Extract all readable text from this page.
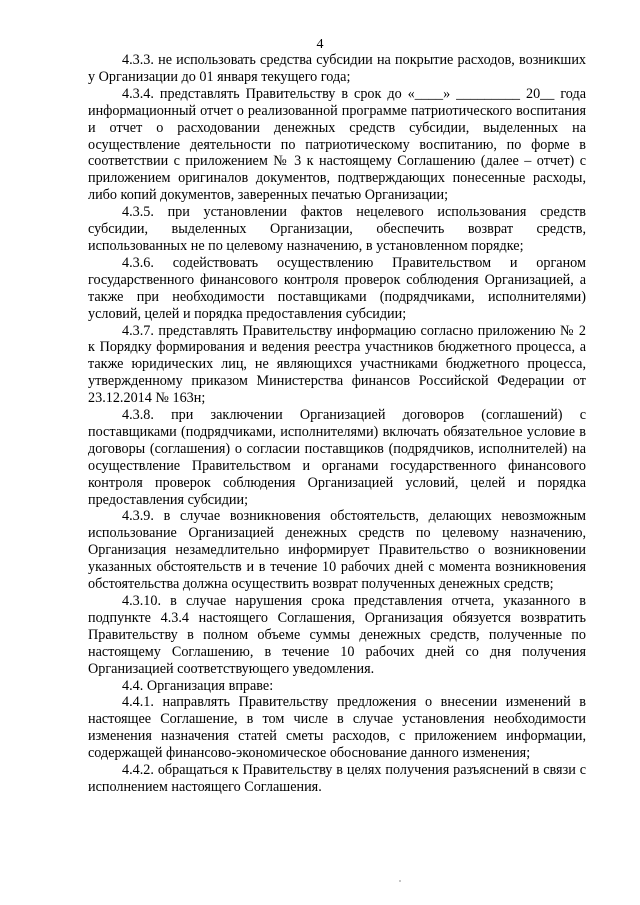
4

4.3.3. не использовать средства субсидии на покрытие расходов, возникших у Организации до 01 января текущего года;

4.3.4. представлять Правительству в срок до «____» _________ 20__ года информационный отчет о реализованной программе патриотического воспитания и отчет о расходовании денежных средств субсидии, выделенных на осуществление деятельности по патриотическому воспитанию, по форме в соответствии с приложением № 3 к настоящему Соглашению (далее – отчет) с приложением оригиналов документов, подтверждающих понесенные расходы, либо копий документов, заверенных печатью Организации;

4.3.5. при установлении фактов нецелевого использования средств субсидии, выделенных Организации, обеспечить возврат средств, использованных не по целевому назначению, в установленном порядке;

4.3.6. содействовать осуществлению Правительством и органом государственного финансового контроля проверок соблюдения Организацией, а также при необходимости поставщиками (подрядчиками, исполнителями) условий, целей и порядка предоставления субсидии;

4.3.7. представлять Правительству информацию согласно приложению № 2 к Порядку формирования и ведения реестра участников бюджетного процесса, а также юридических лиц, не являющихся участниками бюджетного процесса, утвержденному приказом Министерства финансов Российской Федерации от 23.12.2014 № 163н;

4.3.8. при заключении Организацией договоров (соглашений) с поставщиками (подрядчиками, исполнителями) включать обязательное условие в договоры (соглашения) о согласии поставщиков (подрядчиков, исполнителей) на осуществление Правительством и органами государственного финансового контроля проверок соблюдения Организацией условий, целей и порядка предоставления субсидии;

4.3.9. в случае возникновения обстоятельств, делающих невозможным использование Организацией денежных средств по целевому назначению, Организация незамедлительно информирует Правительство о возникновении указанных обстоятельств и в течение 10 рабочих дней с момента возникновения обстоятельства должна осуществить возврат полученных денежных средств;

4.3.10. в случае нарушения срока представления отчета, указанного в подпункте 4.3.4 настоящего Соглашения, Организация обязуется возвратить Правительству в полном объеме суммы денежных средств, полученные по настоящему Соглашению, в течение 10 рабочих дней со дня получения Организацией соответствующего уведомления.

4.4. Организация вправе:

4.4.1. направлять Правительству предложения о внесении изменений в настоящее Соглашение, в том числе в случае установления необходимости изменения назначения статей сметы расходов, с приложением информации, содержащей финансово-экономическое обоснование данного изменения;

4.4.2. обращаться к Правительству в целях получения разъяснений в связи с исполнением настоящего Соглашения.
